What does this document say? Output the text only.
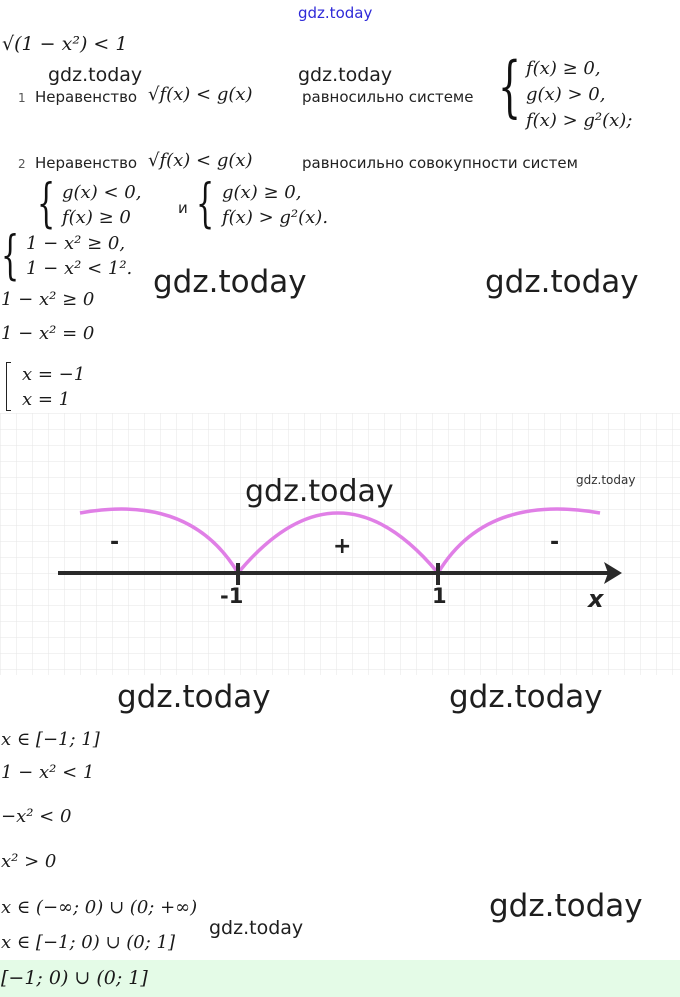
gdz.today
√(1 − x²) < 1
gdz.today	gdz.today
1 Неравенство √f(x) < g(x)	равносильно системе { f(x) ≥ 0,
g(x) > 0,
f(x) > g²(x);
2 Неравенство √f(x) < g(x)	равносильно совокупности систем
{ g(x) < 0,
f(x) ≥ 0	и { g(x) ≥ 0,
f(x) > g²(x).
{ 1 − x² ≥ 0,
1 − x² < 1². gdz.today	gdz.today
1 − x² ≥ 0
1 − x² = 0
x = −1
x = 1
-	+	-
-1	1	x
gdz.today	gdz.today
gdz.today	gdz.today
x ∈ [−1; 1]
1 − x² < 1
−x² < 0
x² > 0
x ∈ (−∞; 0) ∪ (0; +∞)	gdz.today
x ∈ [−1; 0) ∪ (0; 1]
gdz.today
[−1; 0) ∪ (0; 1]
